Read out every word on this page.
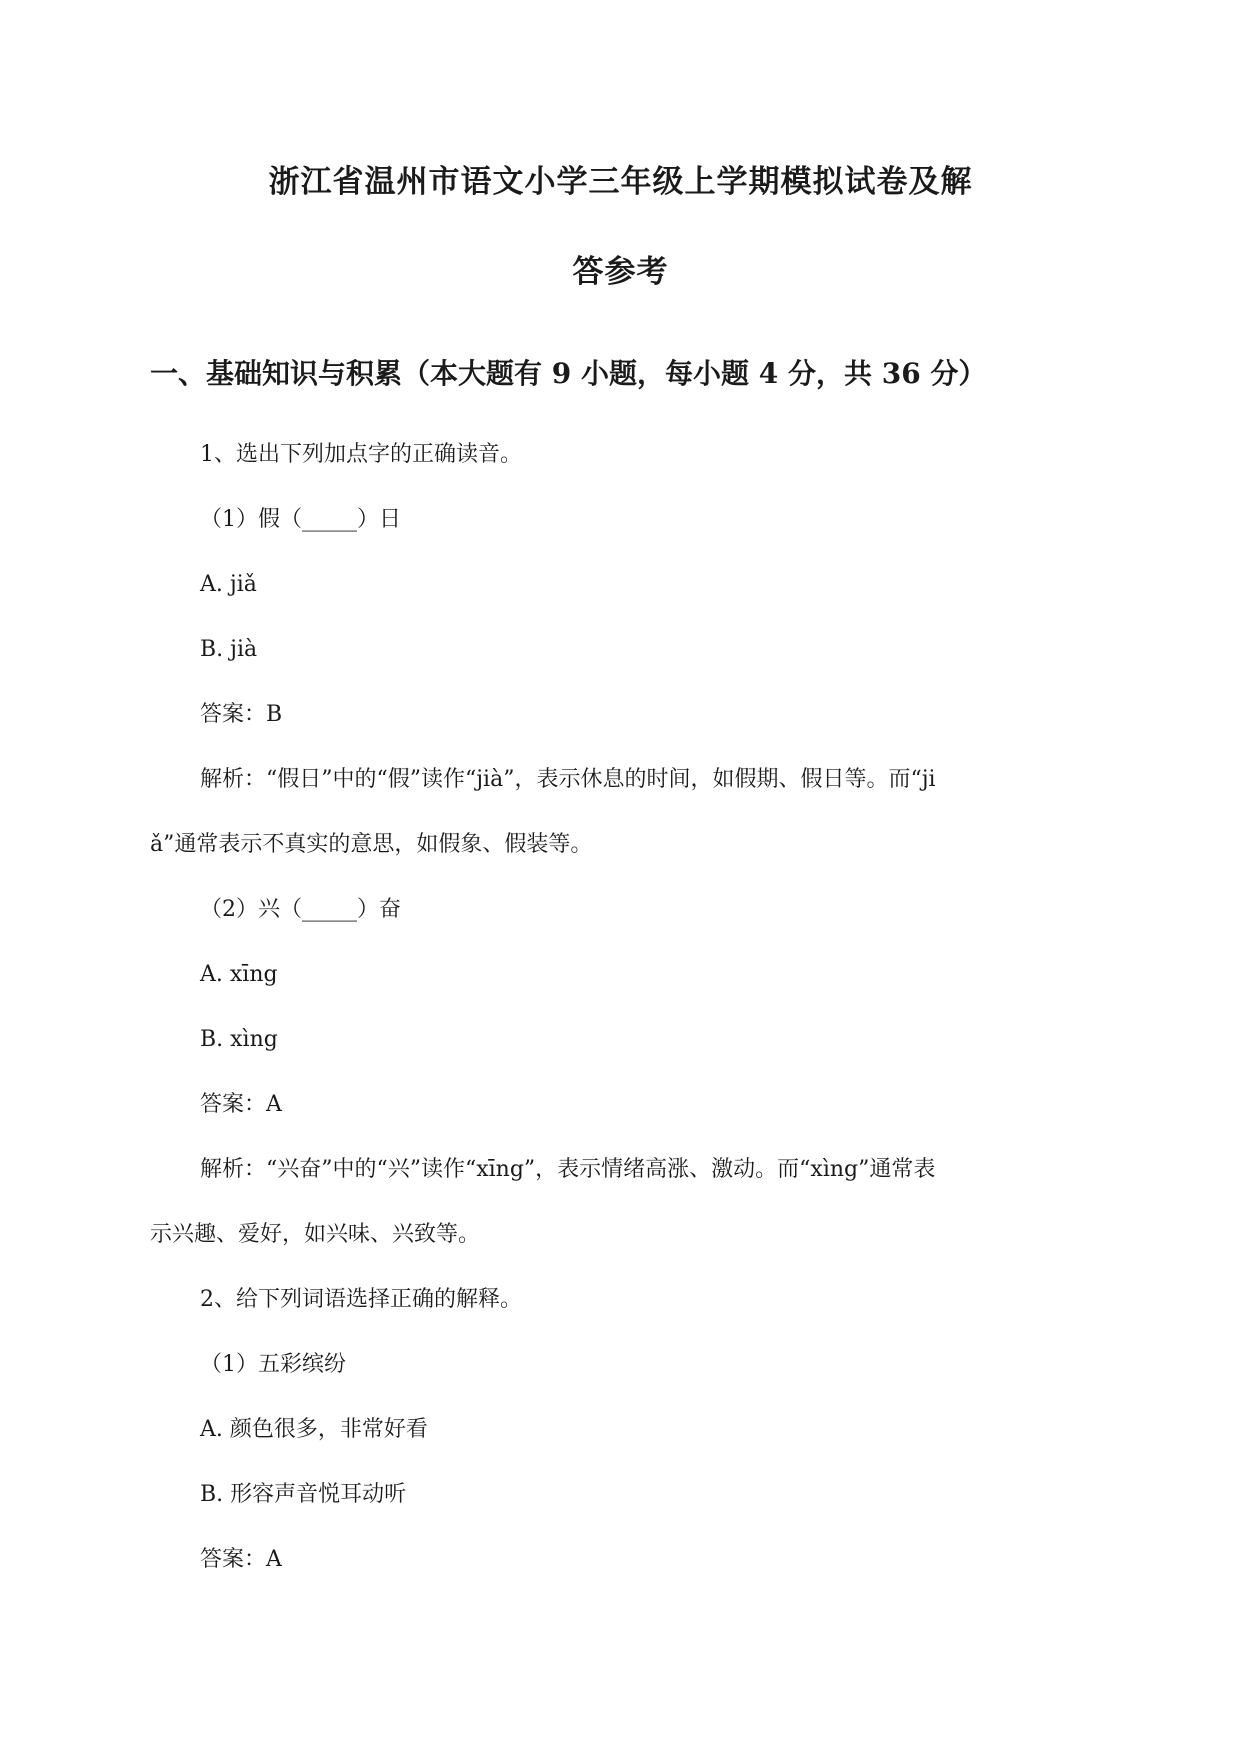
浙江省温州市语文小学三年级上学期模拟试卷及解
答参考
一、基础知识与积累（本大题有 9 小题，每小题 4 分，共 36 分）
1、选出下列加点字的正确读音。
（1）假（_____）日
A. jiǎ
B. jià
答案：B
解析：“假日”中的“假”读作“jià”，表示休息的时间，如假期、假日等。而“ji
ǎ”通常表示不真实的意思，如假象、假装等。
（2）兴（_____）奋
A. xīng
B. xìng
答案：A
解析：“兴奋”中的“兴”读作“xīng”，表示情绪高涨、激动。而“xìng”通常表
示兴趣、爱好，如兴味、兴致等。
2、给下列词语选择正确的解释。
（1）五彩缤纷
A. 颜色很多，非常好看
B. 形容声音悦耳动听
答案：A
